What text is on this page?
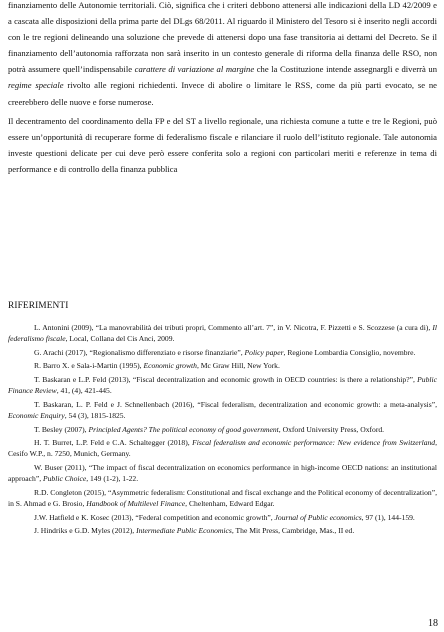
finanziamento delle Autonomie territoriali. Ciò, significa che i criteri debbono attenersi alle indicazioni della LD 42/2009 e a cascata alle disposizioni della prima parte del DLgs 68/2011. Al riguardo il Ministero del Tesoro si è inserito negli accordi con le tre regioni delineando una soluzione che prevede di attenersi dopo una fase transitoria ai dettami del Decreto. Se il finanziamento dell’autonomia rafforzata non sarà inserito in un contesto generale di riforma della finanza delle RSO, non potrà assumere quell’indispensabile carattere di variazione al margine che la Costituzione intende assegnargli e diverrà un regime speciale rivolto alle regioni richiedenti. Invece di abolire o limitare le RSS, come da più parti evocato, se ne creerebbero delle nuove e forse numerose.

Il decentramento del coordinamento della FP e del ST a livello regionale, una richiesta comune a tutte e tre le Regioni, può essere un’opportunità di recuperare forme di federalismo fiscale e rilanciare il ruolo dell’istituto regionale. Tale autonomia investe questioni delicate per cui deve però essere conferita solo a regioni con particolari meriti e referenze in tema di performance e di controllo della finanza pubblica

RIFERIMENTI

L. Antonini (2009), “La manovrabilità dei tributi propri, Commento all’art. 7”, in V. Nicotra, F. Pizzetti e S. Scozzese (a cura di), Il federalismo fiscale, Local, Collana del Cis Anci, 2009.

G. Arachi (2017), “Regionalismo differenziato e risorse finanziarie”, Policy paper, Regione Lombardia Consiglio, novembre.

R. Barro X. e Sala-i-Martin (1995), Economic growth, Mc Graw Hill, New York.

T. Baskaran e L.P. Feld (2013), “Fiscal decentralization and economic growth in OECD countries: is there a relationship?”, Public Finance Review, 41, (4), 421-445.

T. Baskaran, L. P. Feld e J. Schnellenbach (2016), “Fiscal federalism, decentralization and economic growth: a meta-analysis”, Economic Enquiry, 54 (3), 1815-1825.

T. Besley (2007), Principled Agents? The political economy of good government, Oxford University Press, Oxford.

H. T. Burret, L.P. Feld e C.A. Schaltegger (2018), Fiscal federalism and economic performance: New evidence from Switzerland, Cesifo W.P., n. 7250, Munich, Germany.

W. Buser (2011), “The impact of fiscal decentralization on economics performance in high-income OECD nations: an institutional approach”, Public Choice, 149 (1-2), 1-22.

R.D. Congleton (2015), “Asymmetric federalism: Constitutional and fiscal exchange and the Political economy of decentralization”, in S. Ahmad e G. Brosio, Handbook of Multilevel Finance, Cheltenham, Edward Edgar.

J.W. Hatfield e K. Kosec (2013), “Federal competition and economic growth”, Journal of Public economics, 97 (1), 144-159.

J. Hindriks e G.D. Myles (2012), Intermediate Public Economics, The Mit Press, Cambridge, Mas., II ed.

18
